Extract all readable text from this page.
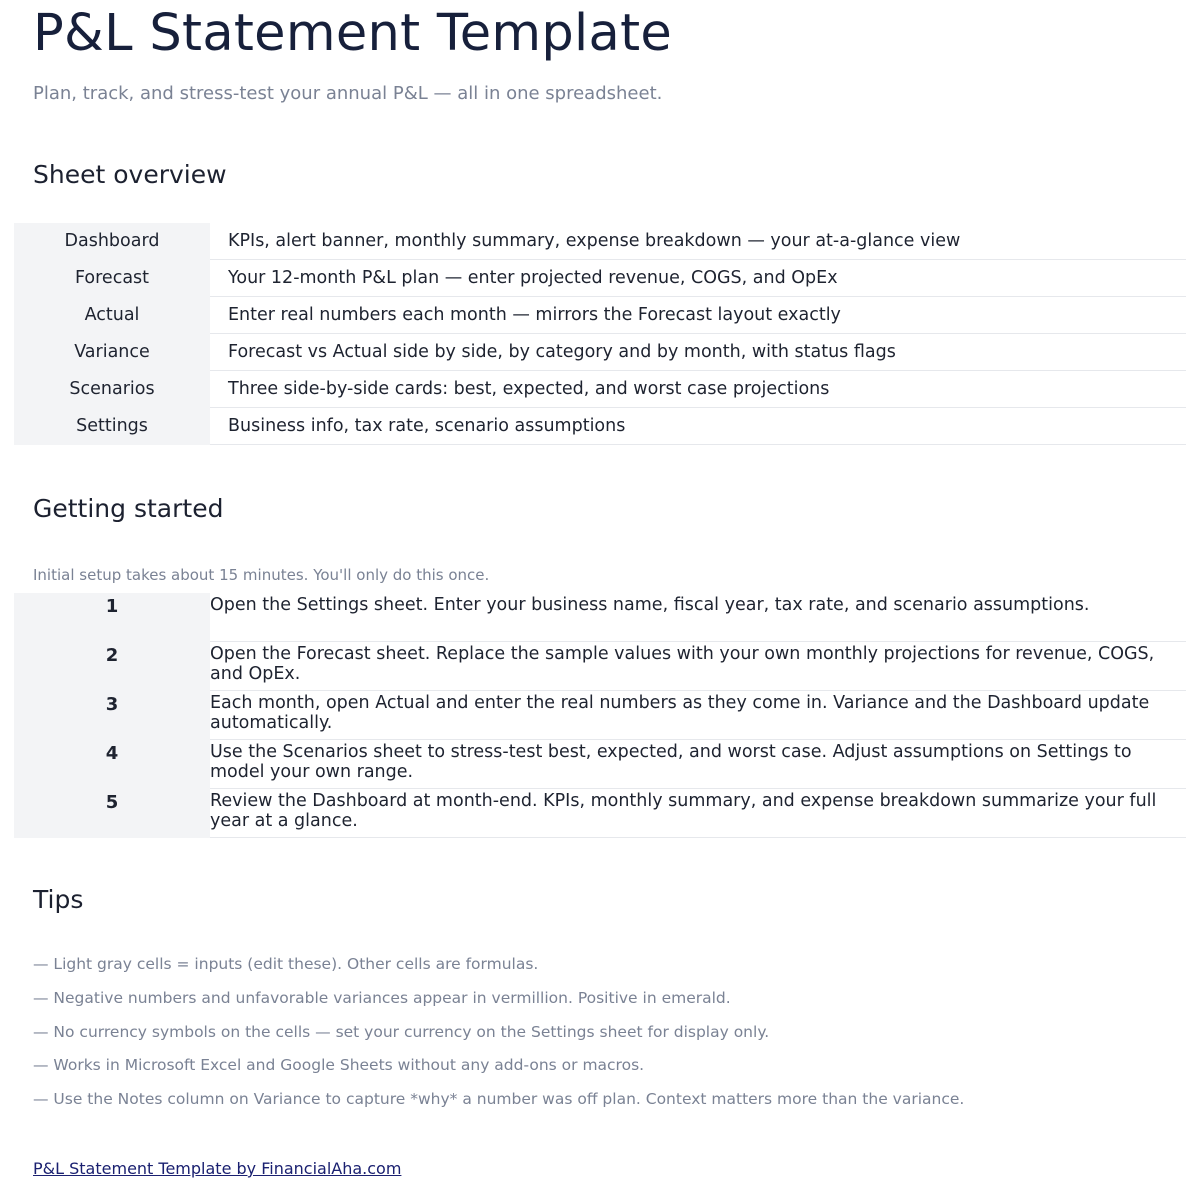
P&L Statement Template
Plan, track, and stress-test your annual P&L — all in one spreadsheet.
Sheet overview
Dashboard	KPIs, alert banner, monthly summary, expense breakdown — your at-a-glance view
Forecast	Your 12-month P&L plan — enter projected revenue, COGS, and OpEx
Actual	Enter real numbers each month — mirrors the Forecast layout exactly
Variance	Forecast vs Actual side by side, by category and by month, with status flags
Scenarios	Three side-by-side cards: best, expected, and worst case projections
Settings	Business info, tax rate, scenario assumptions
Getting started
Initial setup takes about 15 minutes. You'll only do this once.
1	Open the Settings sheet. Enter your business name, fiscal year, tax rate, and scenario assumptions.
2	Open the Forecast sheet. Replace the sample values with your own monthly projections for revenue, COGS, and OpEx.
3	Each month, open Actual and enter the real numbers as they come in. Variance and the Dashboard update automatically.
4	Use the Scenarios sheet to stress-test best, expected, and worst case. Adjust assumptions on Settings to model your own range.
5	Review the Dashboard at month-end. KPIs, monthly summary, and expense breakdown summarize your full year at a glance.
Tips
— Light gray cells = inputs (edit these). Other cells are formulas.
— Negative numbers and unfavorable variances appear in vermillion. Positive in emerald.
— No currency symbols on the cells — set your currency on the Settings sheet for display only.
— Works in Microsoft Excel and Google Sheets without any add-ons or macros.
— Use the Notes column on Variance to capture *why* a number was off plan. Context matters more than the variance.
P&L Statement Template by FinancialAha.com
